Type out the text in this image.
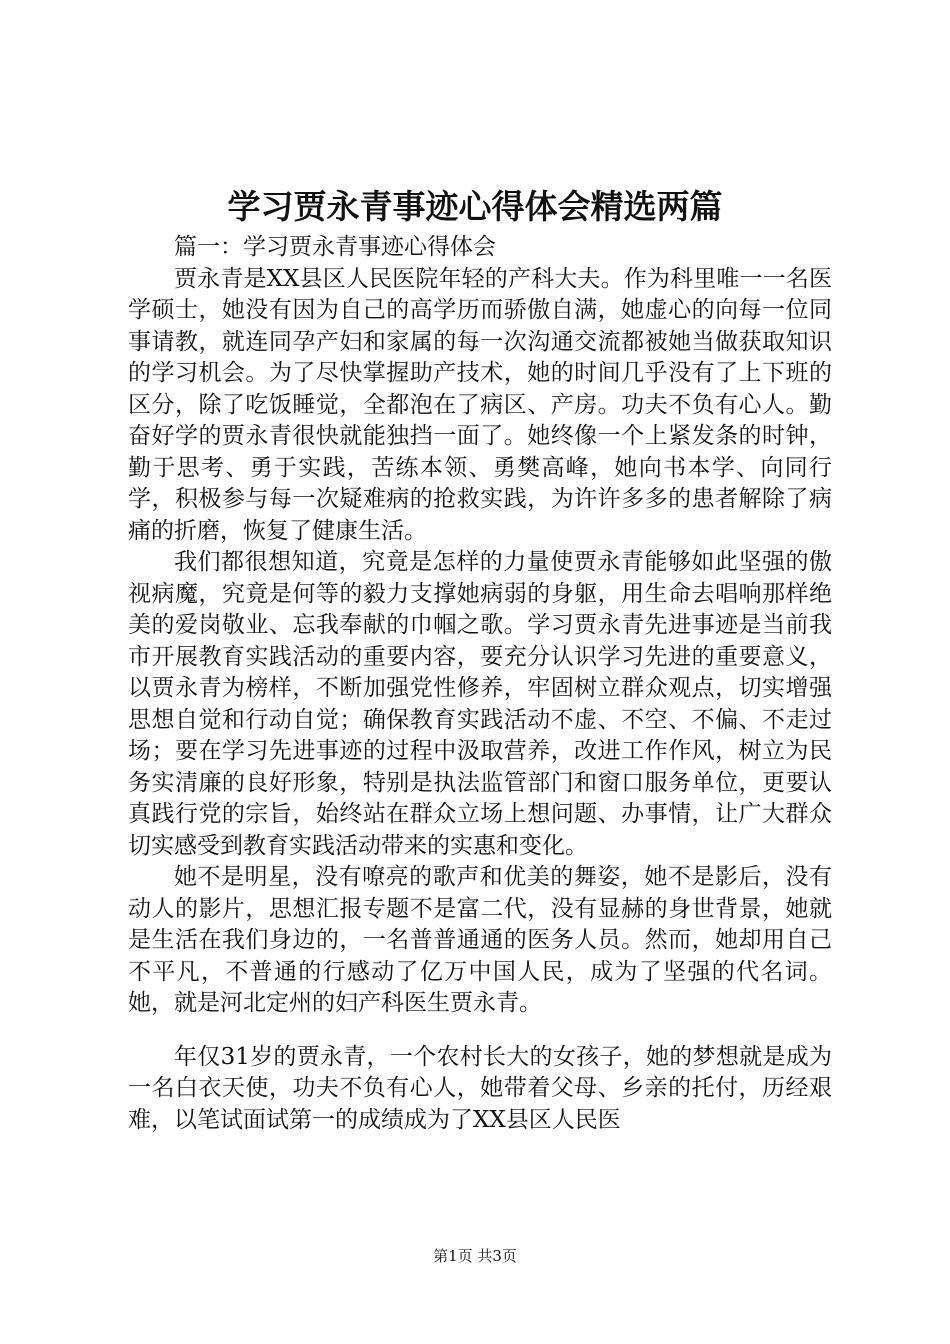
学习贾永青事迹心得体会精选两篇

篇一：学习贾永青事迹心得体会

贾永青是XX县区人民医院年轻的产科大夫。作为科里唯一一名医学硕士，她没有因为自己的高学历而骄傲自满，她虚心的向每一位同事请教，就连同孕产妇和家属的每一次沟通交流都被她当做获取知识的学习机会。为了尽快掌握助产技术，她的时间几乎没有了上下班的区分，除了吃饭睡觉，全都泡在了病区、产房。功夫不负有心人。勤奋好学的贾永青很快就能独挡一面了。她终像一个上紧发条的时钟，勤于思考、勇于实践，苦练本领、勇樊高峰，她向书本学、向同行学，积极参与每一次疑难病的抢救实践，为许许多多的患者解除了病痛的折磨，恢复了健康生活。

我们都很想知道，究竟是怎样的力量使贾永青能够如此坚强的傲视病魔，究竟是何等的毅力支撑她病弱的身躯，用生命去唱响那样绝美的爱岗敬业、忘我奉献的巾帼之歌。学习贾永青先进事迹是当前我市开展教育实践活动的重要内容，要充分认识学习先进的重要意义，以贾永青为榜样，不断加强党性修养，牢固树立群众观点，切实增强思想自觉和行动自觉；确保教育实践活动不虚、不空、不偏、不走过场；要在学习先进事迹的过程中汲取营养，改进工作作风，树立为民务实清廉的良好形象，特别是执法监管部门和窗口服务单位，更要认真践行党的宗旨，始终站在群众立场上想问题、办事情，让广大群众切实感受到教育实践活动带来的实惠和变化。

她不是明星，没有嘹亮的歌声和优美的舞姿，她不是影后，没有动人的影片，思想汇报专题不是富二代，没有显赫的身世背景，她就是生活在我们身边的，一名普普通通的医务人员。然而，她却用自己不平凡，不普通的行感动了亿万中国人民，成为了坚强的代名词。她，就是河北定州的妇产科医生贾永青。

年仅31岁的贾永青，一个农村长大的女孩子，她的梦想就是成为一名白衣天使，功夫不负有心人，她带着父母、乡亲的托付，历经艰难，以笔试面试第一的成绩成为了XX县区人民医

第1页 共3页
